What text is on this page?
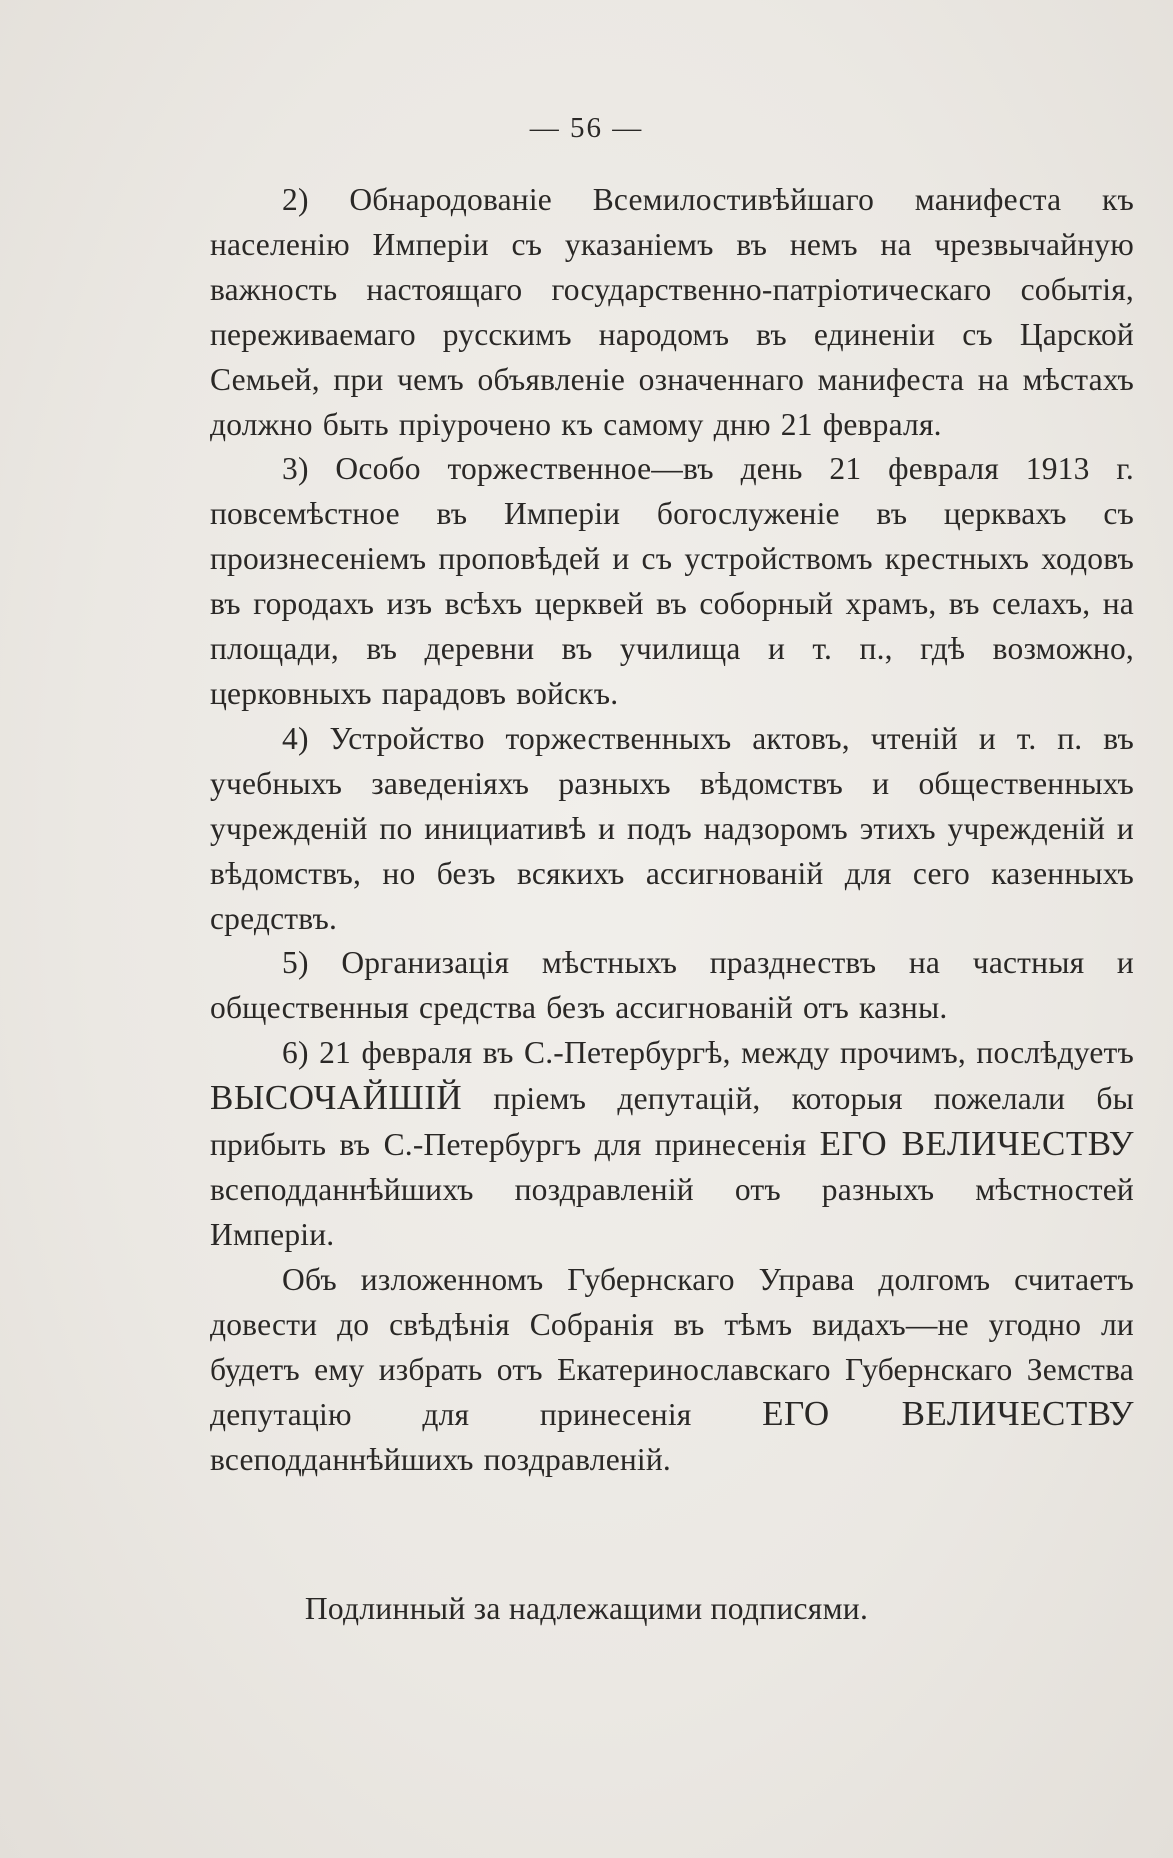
— 56 —

2) Обнародованіе Всемилостивѣйшаго манифеста къ населенію Имперіи съ указаніемъ въ немъ на чрезвычайную важность настоящаго государственно-патріотическаго событія, переживаемаго русскимъ народомъ въ единеніи съ Царской Семьей, при чемъ объявленіе означеннаго манифеста на мѣстахъ должно быть пріурочено къ самому дню 21 февраля.

3) Особо торжественное—въ день 21 февраля 1913 г. повсемѣстное въ Имперіи богослуженіе въ церквахъ съ произнесеніемъ проповѣдей и съ устройствомъ крестныхъ ходовъ въ городахъ изъ всѣхъ церквей въ соборный храмъ, въ селахъ, на площади, въ деревни въ училища и т. п., гдѣ возможно, церковныхъ парадовъ войскъ.

4) Устройство торжественныхъ актовъ, чтеній и т. п. въ учебныхъ заведеніяхъ разныхъ вѣдомствъ и общественныхъ учрежденій по инициативѣ и подъ надзоромъ этихъ учрежденій и вѣдомствъ, но безъ всякихъ ассигнованій для сего казенныхъ средствъ.

5) Организація мѣстныхъ празднествъ на частныя и общественныя средства безъ ассигнованій отъ казны.

6) 21 февраля въ С.-Петербургѣ, между прочимъ, послѣдуетъ ВЫСОЧАЙШІЙ пріемъ депутацій, которыя пожелали бы прибыть въ С.-Петербургъ для принесенія ЕГО ВЕЛИЧЕСТВУ всеподданнѣйшихъ поздравленій отъ разныхъ мѣстностей Имперіи.

Объ изложенномъ Губернскаго Управа долгомъ считаетъ довести до свѣдѣнія Собранія въ тѣмъ видахъ—не угодно ли будетъ ему избрать отъ Екатеринославскаго Губернскаго Земства депутацію для принесенія ЕГО ВЕЛИЧЕСТВУ всеподданнѣйшихъ поздравленій.

Подлинный за надлежащими подписями.
